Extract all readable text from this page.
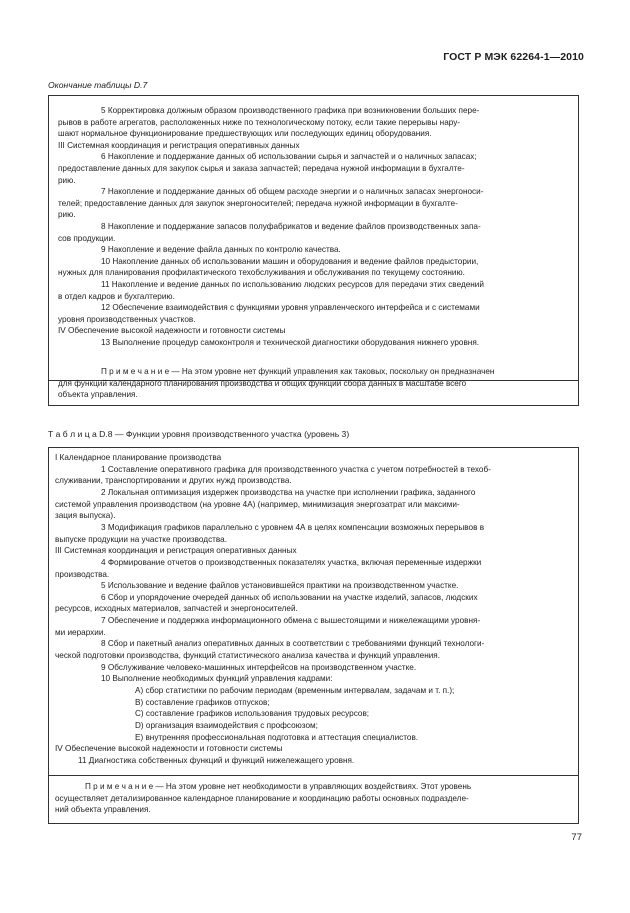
ГОСТ Р МЭК 62264-1—2010
Окончание таблицы D.7
5 Корректировка должным образом производственного графика при возникновении больших пере-
рывов в работе агрегатов, расположенных ниже по технологическому потоку, если такие перерывы нару-
шают нормальное функционирование предшествующих или последующих единиц оборудования.
III Системная координация и регистрация оперативных данных
6 Накопление и поддержание данных об использовании сырья и запчастей и о наличных запасах;
предоставление данных для закупок сырья и заказа запчастей; передача нужной информации в бухгалте-
рию.
7 Накопление и поддержание данных об общем расходе энергии и о наличных запасах энергоноси-
телей; предоставление данных для закупок энергоносителей; передача нужной информации в бухгалте-
рию.
8 Накопление и поддержание запасов полуфабрикатов и ведение файлов производственных запа-
сов продукции.
9 Накопление и ведение файла данных по контролю качества.
10 Накопление данных об использовании машин и оборудования и ведение файлов предыстории,
нужных для планирования профилактического техобслуживания и обслуживания по текущему состоянию.
11 Накопление и ведение данных по использованию людских ресурсов для передачи этих сведений
в отдел кадров и бухгалтерию.
12 Обеспечение взаимодействия с функциями уровня управленческого интерфейса и с системами
уровня производственных участков.
IV Обеспечение высокой надежности и готовности системы
13 Выполнение процедур самоконтроля и технической диагностики оборудования нижнего уровня.
П р и м е ч а н и е — На этом уровне нет функций управления как таковых, поскольку он предназначен
для функций календарного планирования производства и общих функций сбора данных в масштабе всего
объекта управления.
Т а б л и ц а D.8 — Функции уровня производственного участка (уровень 3)
I Календарное планирование производства
1 Составление оперативного графика для производственного участка с учетом потребностей в техоб-
служивании, транспортировании и других нужд производства.
2 Локальная оптимизация издержек производства на участке при исполнении графика, заданного
системой управления производством (на уровне 4А) (например, минимизация энергозатрат или максими-
зация выпуска).
3 Модификация графиков параллельно с уровнем 4А в целях компенсации возможных перерывов в
выпуске продукции на участке производства.
III Системная координация и регистрация оперативных данных
4 Формирование отчетов о производственных показателях участка, включая переменные издержки
производства.
5 Использование и ведение файлов установившейся практики на производственном участке.
6 Сбор и упорядочение очередей данных об использовании на участке изделий, запасов, людских
ресурсов, исходных материалов, запчастей и энергоносителей.
7 Обеспечение и поддержка информационного обмена с вышестоящими и нижележащими уровня-
ми иерархии.
8 Сбор и пакетный анализ оперативных данных в соответствии с требованиями функций технологи-
ческой подготовки производства, функций статистического анализа качества и функций управления.
9 Обслуживание человеко-машинных интерфейсов на производственном участке.
10 Выполнение необходимых функций управления кадрами:
А) сбор статистики по рабочим периодам (временным интервалам, задачам и т. п.);
В) составление графиков отпусков;
С) составление графиков использования трудовых ресурсов;
D) организация взаимодействия с профсоюзом;
Е) внутренняя профессиональная подготовка и аттестация специалистов.
IV Обеспечение высокой надежности и готовности системы
11 Диагностика собственных функций и функций нижележащего уровня.
П р и м е ч а н и е — На этом уровне нет необходимости в управляющих воздействиях. Этот уровень
осуществляет детализированное календарное планирование и координацию работы основных подразделе-
ний объекта управления.
77
